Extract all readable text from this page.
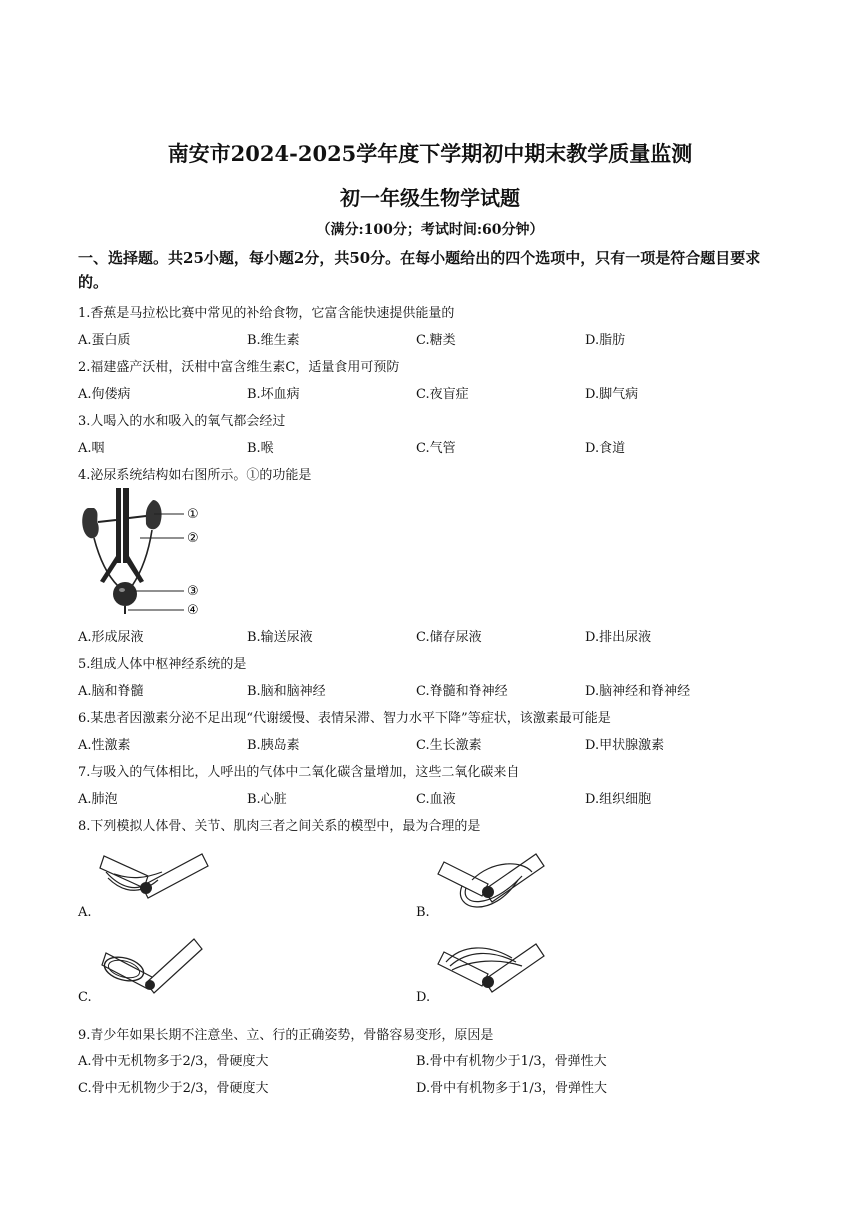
南安市2024-2025学年度下学期初中期末教学质量监测
初一年级生物学试题
（满分:100分；考试时间:60分钟）
一、选择题。共25小题，每小题2分，共50分。在每小题给出的四个选项中，只有一项是符合题目要求的。
1.香蕉是马拉松比赛中常见的补给食物，它富含能快速提供能量的
A.蛋白质	B.维生素	C.糖类	D.脂肪
2.福建盛产沃柑，沃柑中富含维生素C，适量食用可预防
A.佝偻病	B.坏血病	C.夜盲症	D.脚气病
3.人喝入的水和吸入的氧气都会经过
A.咽	B.喉	C.气管	D.食道
4.泌尿系统结构如右图所示。①的功能是
①
②
③
④
A.形成尿液	B.输送尿液	C.储存尿液	D.排出尿液
5.组成人体中枢神经系统的是
A.脑和脊髓	B.脑和脑神经	C.脊髓和脊神经	D.脑神经和脊神经
6.某患者因激素分泌不足出现“代谢缓慢、表情呆滞、智力水平下降”等症状，该激素最可能是
A.性激素	B.胰岛素	C.生长激素	D.甲状腺激素
7.与吸入的气体相比，人呼出的气体中二氧化碳含量增加，这些二氧化碳来自
A.肺泡	B.心脏	C.血液	D.组织细胞
8.下列模拟人体骨、关节、肌肉三者之间关系的模型中，最为合理的是
A.	B.
C.	D.
9.青少年如果长期不注意坐、立、行的正确姿势，骨骼容易变形，原因是
A.骨中无机物多于2/3，骨硬度大	B.骨中有机物少于1/3，骨弹性大
C.骨中无机物少于2/3，骨硬度大	D.骨中有机物多于1/3，骨弹性大
